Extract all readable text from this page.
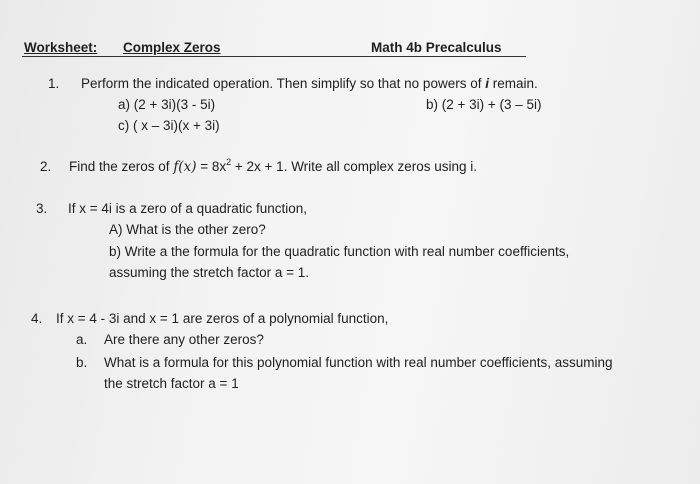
Worksheet: Complex Zeros	Math 4b Precalculus
1. Perform the indicated operation. Then simplify so that no powers of i remain.
a) (2 + 3i)(3 - 5i)	b) (2 + 3i) + (3 – 5i)
c) ( x – 3i)(x + 3i)
2. Find the zeros of $f(x) = 8x^2 + 2x + 1$. Write all complex zeros using i.
3. If x = 4i is a zero of a quadratic function,
A) What is the other zero?
b) Write a the formula for the quadratic function with real number coefficients,
assuming the stretch factor a = 1.
4. If x = 4 - 3i and x = 1 are zeros of a polynomial function,
a. Are there any other zeros?
b. What is a formula for this polynomial function with real number coefficients, assuming
the stretch factor a = 1
